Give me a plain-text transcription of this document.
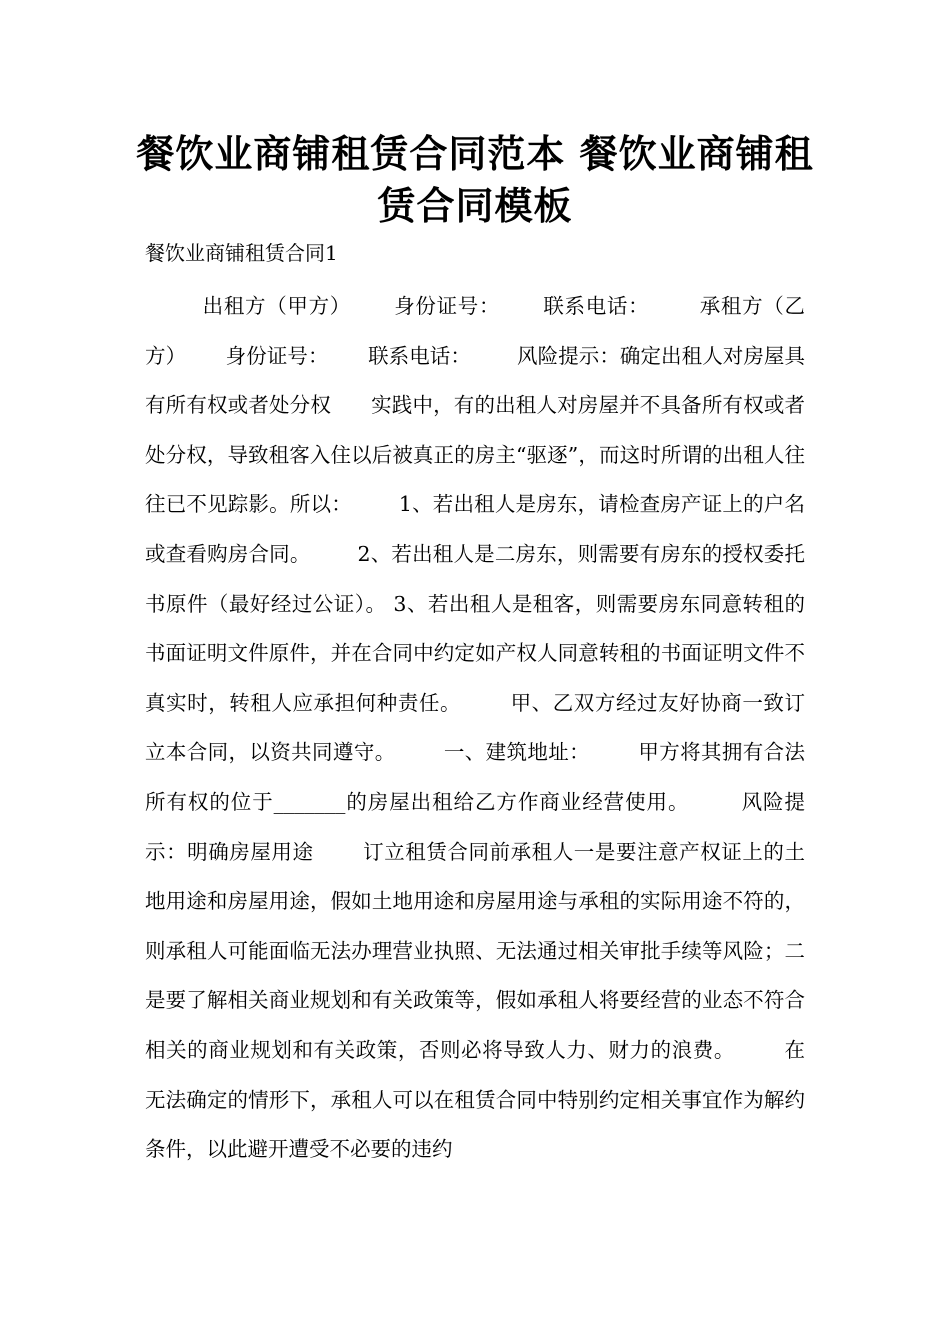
餐饮业商铺租赁合同范本 餐饮业商铺租赁合同模板

餐饮业商铺租赁合同1

出租方（甲方）      身份证号：      联系电话：       承租方（乙方）      身份证号：      联系电话：       风险提示：确定出租人对房屋具有所有权或者处分权      实践中，有的出租人对房屋并不具备所有权或者处分权，导致租客入住以后被真正的房主“驱逐”，而这时所谓的出租人往往已不见踪影。所以：       1、若出租人是房东，请检查房产证上的户名或查看购房合同。       2、若出租人是二房东，则需要有房东的授权委托书原件（最好经过公证）。 3、若出租人是租客，则需要房东同意转租的书面证明文件原件，并在合同中约定如产权人同意转租的书面证明文件不真实时，转租人应承担何种责任。       甲、乙双方经过友好协商一致订立本合同，以资共同遵守。       一、建筑地址：       甲方将其拥有合法所有权的位于_______的房屋出租给乙方作商业经营使用。       风险提示：明确房屋用途       订立租赁合同前承租人一是要注意产权证上的土地用途和房屋用途，假如土地用途和房屋用途与承租的实际用途不符的，则承租人可能面临无法办理营业执照、无法通过相关审批手续等风险；二是要了解相关商业规划和有关政策等，假如承租人将要经营的业态不符合相关的商业规划和有关政策，否则必将导致人力、财力的浪费。       在无法确定的情形下，承租人可以在租赁合同中特别约定相关事宜作为解约条件，以此避开遭受不必要的违约
